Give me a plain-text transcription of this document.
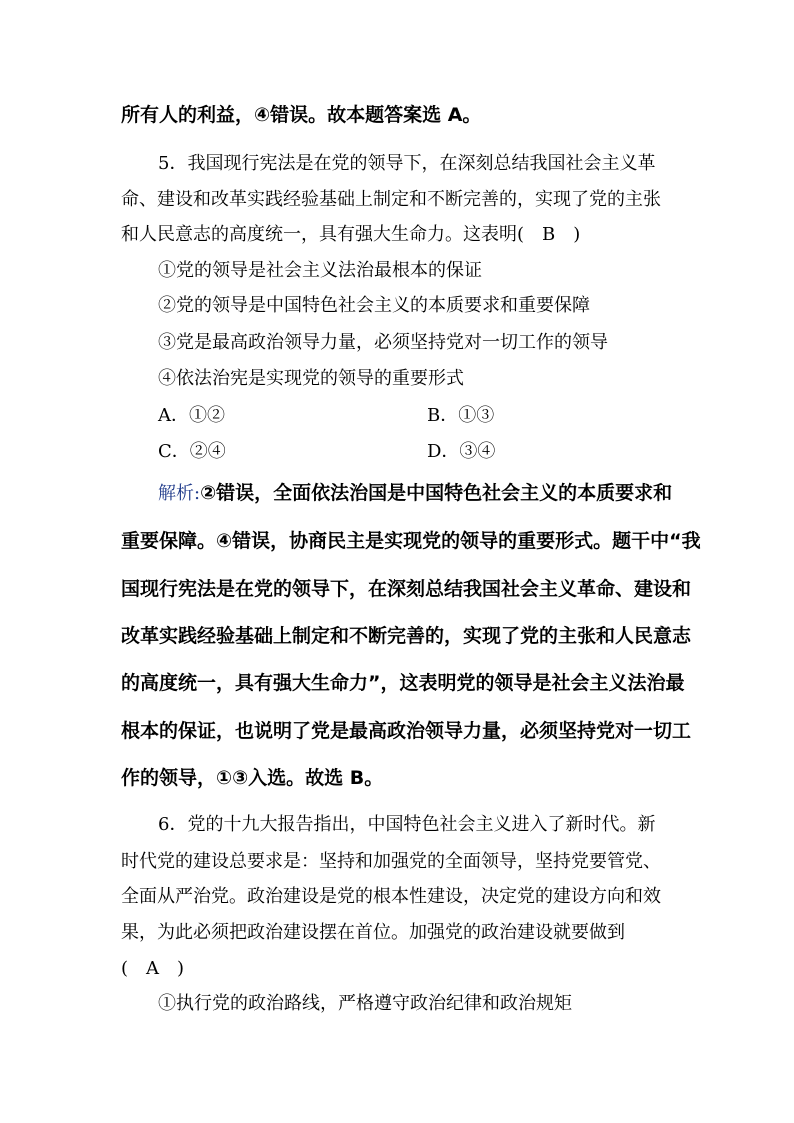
所有人的利益，④错误。故本题答案选 A。
5．我国现行宪法是在党的领导下，在深刻总结我国社会主义革
命、建设和改革实践经验基础上制定和不断完善的，实现了党的主张
和人民意志的高度统一，具有强大生命力。这表明(　B　)
①党的领导是社会主义法治最根本的保证
②党的领导是中国特色社会主义的本质要求和重要保障
③党是最高政治领导力量，必须坚持党对一切工作的领导
④依法治宪是实现党的领导的重要形式
A．①②	B．①③
C．②④	D．③④
解析:②错误，全面依法治国是中国特色社会主义的本质要求和
重要保障。④错误，协商民主是实现党的领导的重要形式。题干中“我
国现行宪法是在党的领导下，在深刻总结我国社会主义革命、建设和
改革实践经验基础上制定和不断完善的，实现了党的主张和人民意志
的高度统一，具有强大生命力”，这表明党的领导是社会主义法治最
根本的保证，也说明了党是最高政治领导力量，必须坚持党对一切工
作的领导，①③入选。故选 B。
6．党的十九大报告指出，中国特色社会主义进入了新时代。新
时代党的建设总要求是：坚持和加强党的全面领导，坚持党要管党、
全面从严治党。政治建设是党的根本性建设，决定党的建设方向和效
果，为此必须把政治建设摆在首位。加强党的政治建设就要做到
(　A　)
①执行党的政治路线，严格遵守政治纪律和政治规矩
